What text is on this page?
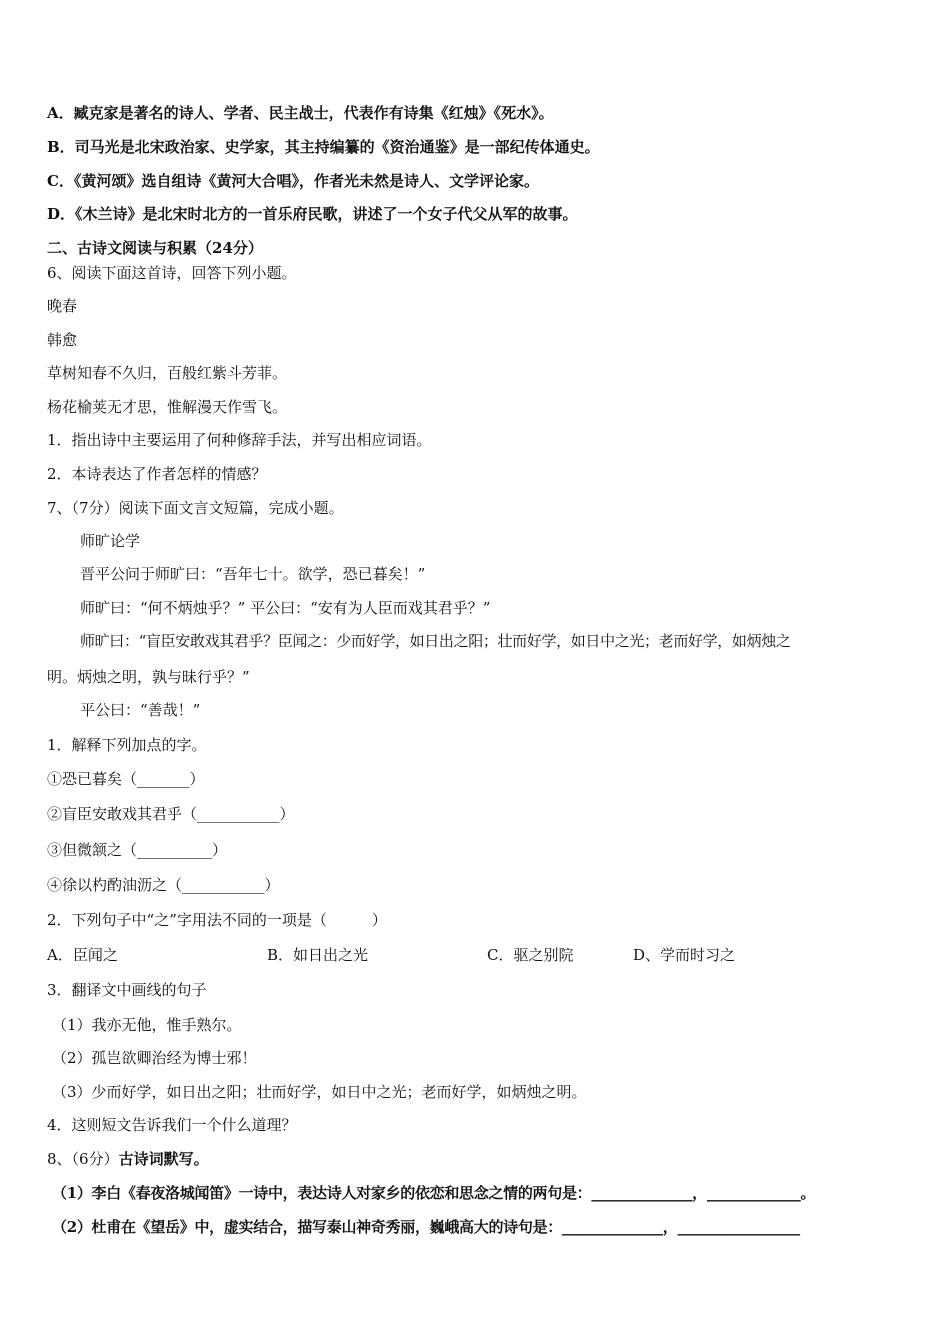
A．臧克家是著名的诗人、学者、民主战士，代表作有诗集《红烛》《死水》。
B．司马光是北宋政治家、史学家，其主持编纂的《资治通鉴》是一部纪传体通史。
C．《黄河颂》选自组诗《黄河大合唱》，作者光未然是诗人、文学评论家。
D．《木兰诗》是北宋时北方的一首乐府民歌，讲述了一个女子代父从军的故事。
二、古诗文阅读与积累（24分）
6、阅读下面这首诗，回答下列小题。
晚春
韩愈
草树知春不久归，百般红紫斗芳菲。
杨花榆荚无才思，惟解漫天作雪飞。
1．指出诗中主要运用了何种修辞手法，并写出相应词语。
2．本诗表达了作者怎样的情感？
7、（7分）阅读下面文言文短篇，完成小题。
师旷论学
晋平公问于师旷曰：“吾年七十。欲学，恐已暮矣！”
师旷曰：“何不炳烛乎？” 平公曰：“安有为人臣而戏其君乎？”
师旷曰：“盲臣安敢戏其君乎？臣闻之：少而好学，如日出之阳；壮而好学，如日中之光；老而好学，如炳烛之
明。炳烛之明，孰与昧行乎？”
平公曰：“善哉！”
1．解释下列加点的字。
①恐已暮矣（_______）
②盲臣安敢戏其君乎（___________）
③但微颔之（__________）
④徐以杓酌油沥之（___________）
2．下列句子中“之”字用法不同的一项是（　　　）
A．臣闻之	B．如日出之光	C．驱之别院	D、学而时习之
3．翻译文中画线的句子
（1）我亦无他，惟手熟尔。
（2）孤岂欲卿治经为博士邪！
（3）少而好学，如日出之阳；壮而好学，如日中之光；老而好学，如炳烛之明。
4．这则短文告诉我们一个什么道理？
8、（6分）古诗词默写。
（1）李白《春夜洛城闻笛》一诗中，表达诗人对家乡的依恋和思念之情的两句是：______________，_____________。
（2）杜甫在《望岳》中，虚实结合，描写泰山神奇秀丽，巍峨高大的诗句是：______________，_________________
